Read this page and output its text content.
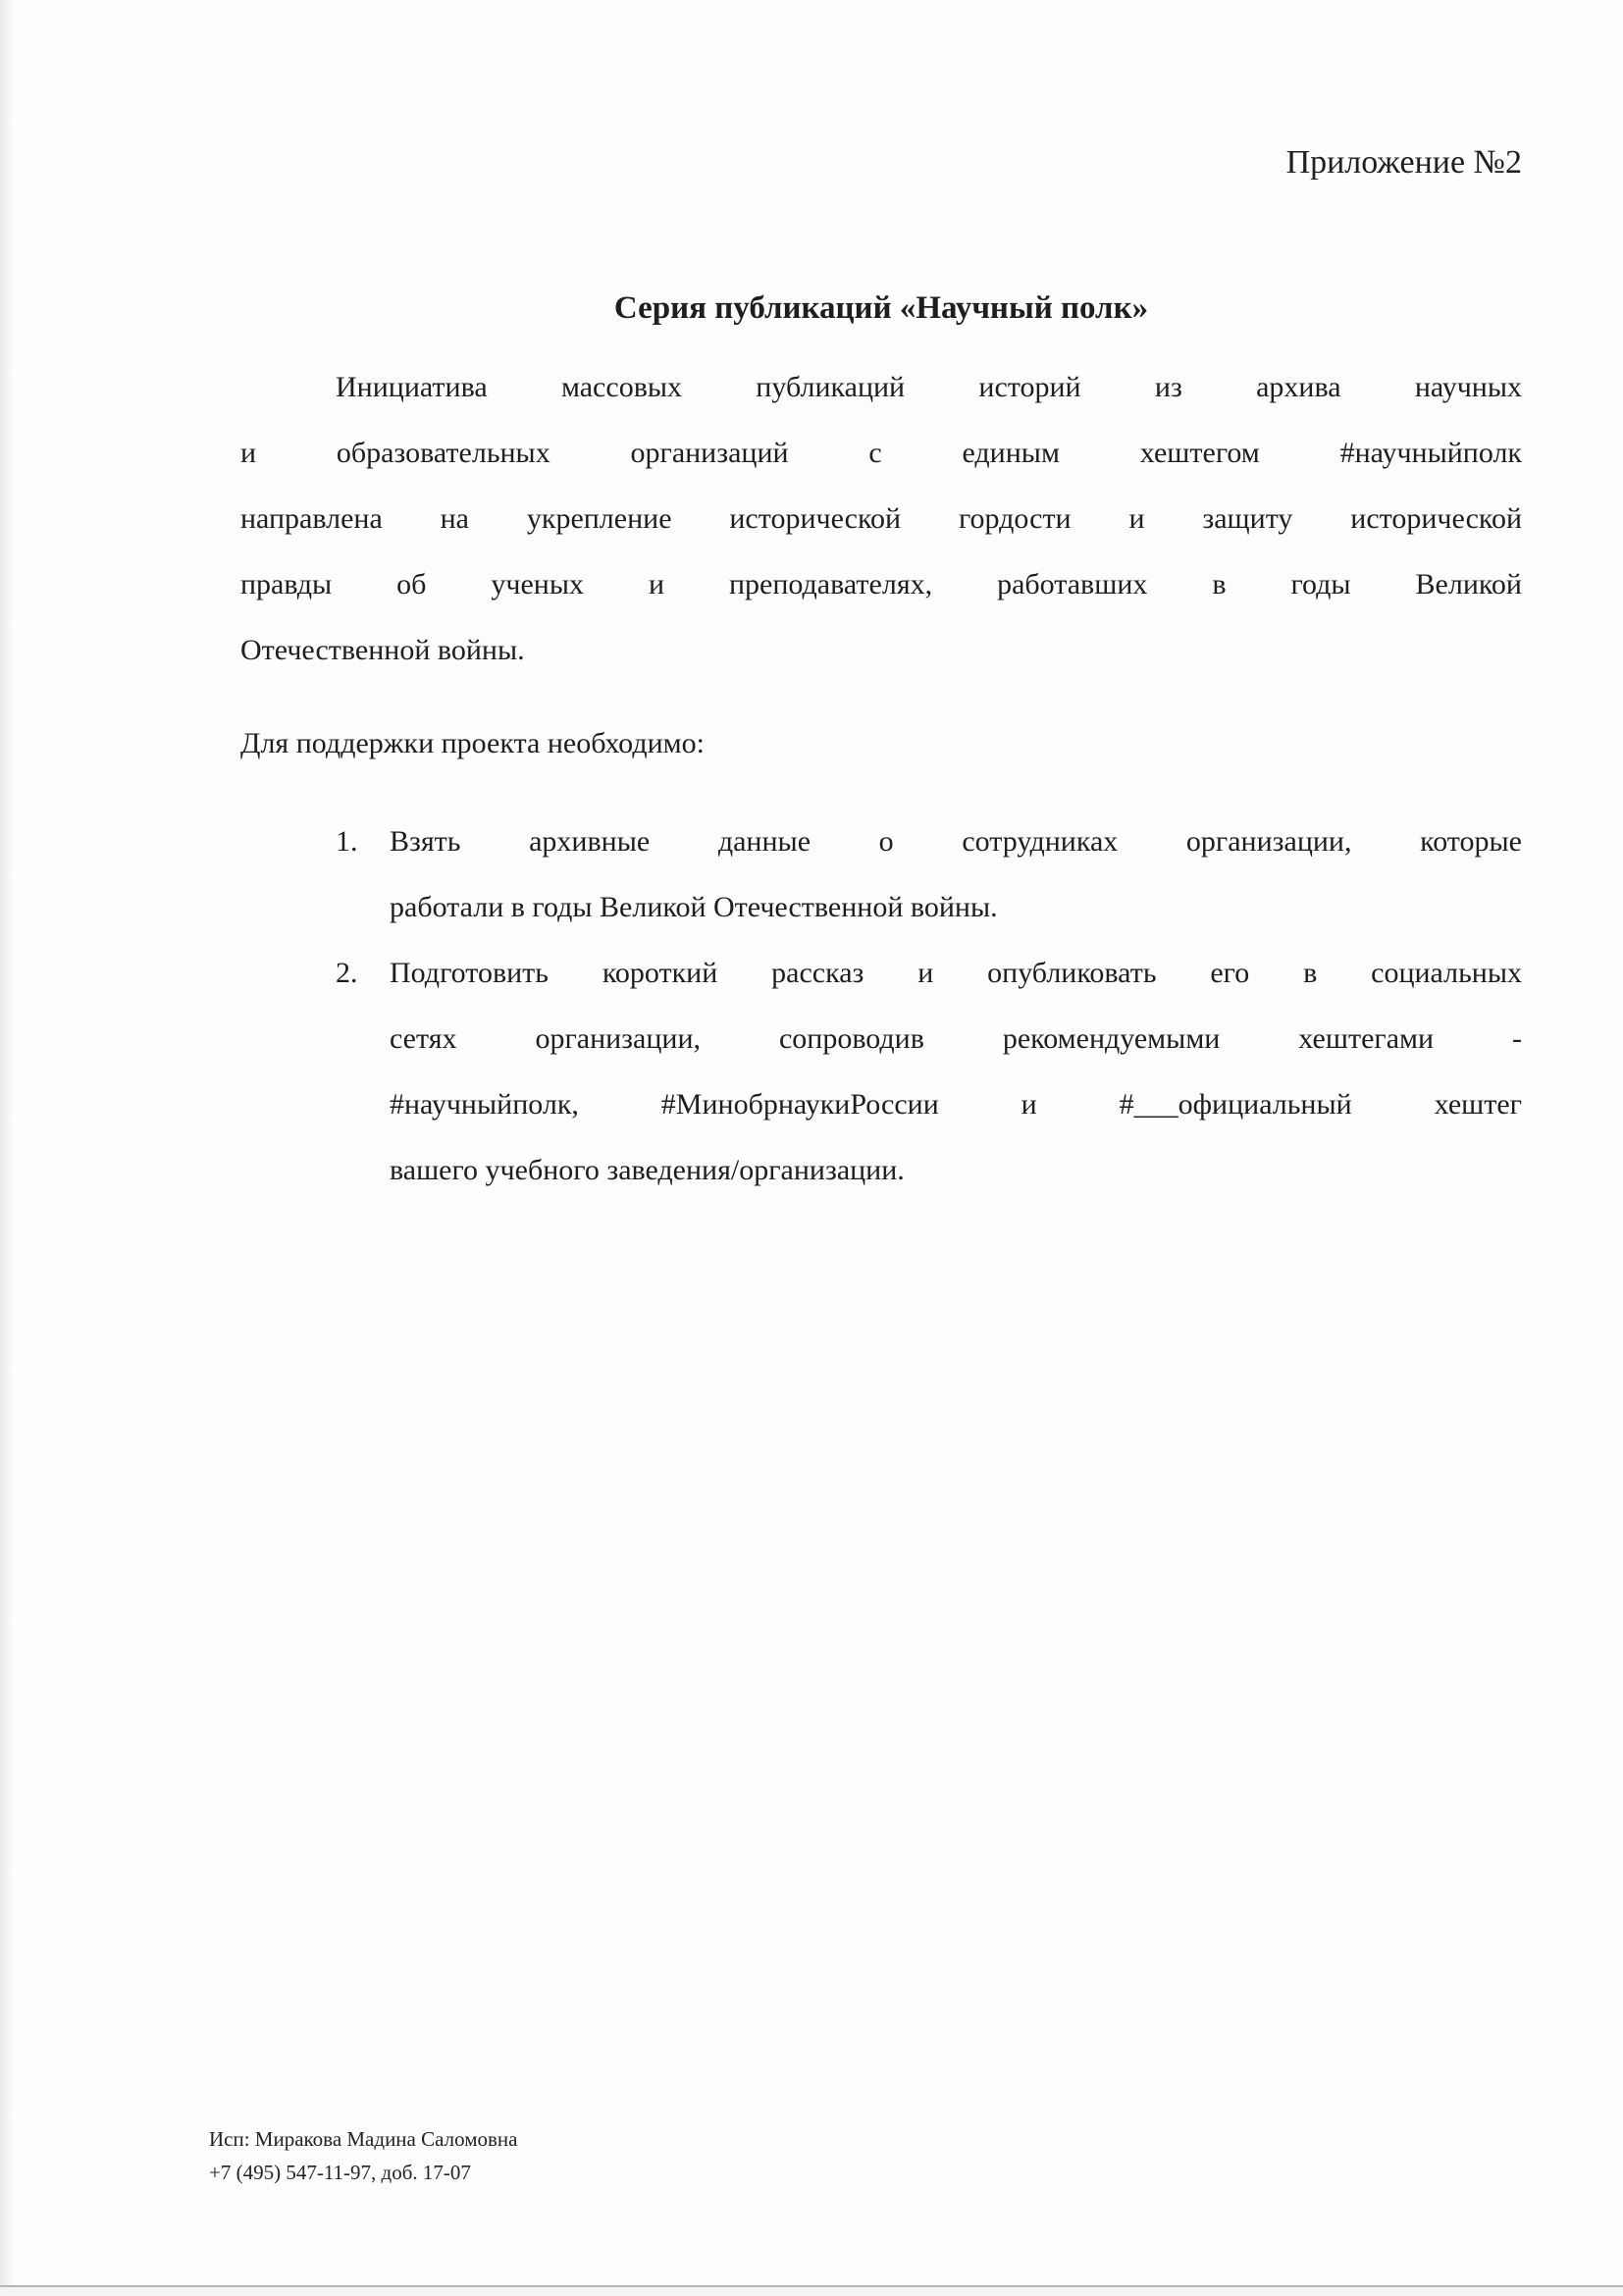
Приложение №2
Серия публикаций «Научный полк»
Инициатива массовых публикаций историй из архива научных
и образовательных организаций с единым хештегом #научныйполк
направлена на укрепление исторической гордости и защиту исторической
правды об ученых и преподавателях, работавших в годы Великой
Отечественной войны.
Для поддержки проекта необходимо:
1. Взять архивные данные о сотрудниках организации, которые
работали в годы Великой Отечественной войны.
2. Подготовить короткий рассказ и опубликовать его в социальных
сетях организации, сопроводив рекомендуемыми хештегами -
#научныйполк, #МинобрнаукиРоссии и #___официальный хештег
вашего учебного заведения/организации.
Исп: Миракова Мадина Саломовна
+7 (495) 547-11-97, доб. 17-07
